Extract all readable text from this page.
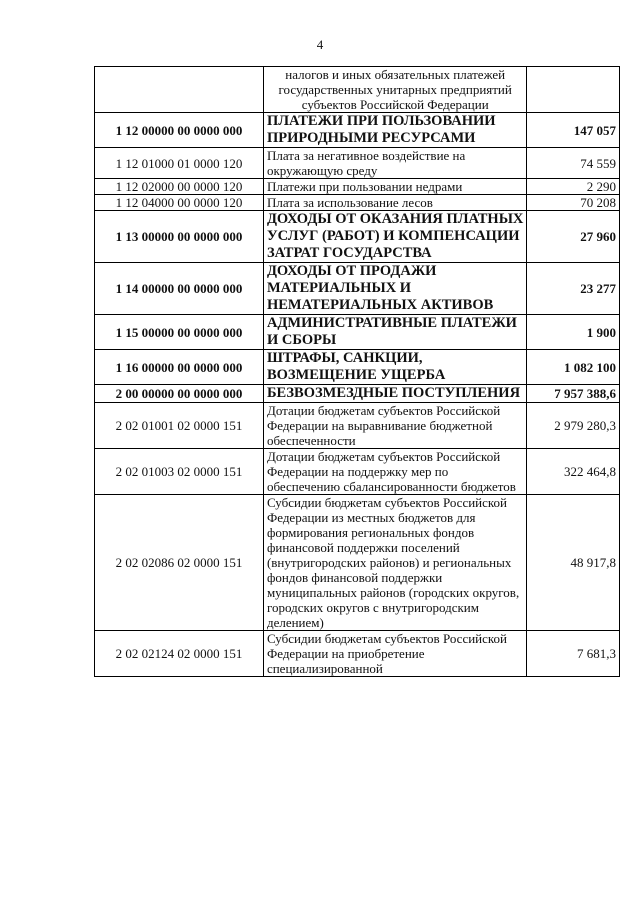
4
	налогов и иных обязательных платежей государственных унитарных предприятий субъектов Российской Федерации	
1 12 00000 00 0000 000	ПЛАТЕЖИ ПРИ ПОЛЬЗОВАНИИ ПРИРОДНЫМИ РЕСУРСАМИ	147 057
1 12 01000 01 0000 120	Плата за негативное воздействие на окружающую среду	74 559
1 12 02000 00 0000 120	Платежи при пользовании недрами	2 290
1 12 04000 00 0000 120	Плата за использование лесов	70 208
1 13 00000 00 0000 000	ДОХОДЫ ОТ ОКАЗАНИЯ ПЛАТНЫХ УСЛУГ (РАБОТ) И КОМПЕНСАЦИИ ЗАТРАТ ГОСУДАРСТВА	27 960
1 14 00000 00 0000 000	ДОХОДЫ ОТ ПРОДАЖИ МАТЕРИАЛЬНЫХ И НЕМАТЕРИАЛЬНЫХ АКТИВОВ	23 277
1 15 00000 00 0000 000	АДМИНИСТРАТИВНЫЕ ПЛАТЕЖИ И СБОРЫ	1 900
1 16 00000 00 0000 000	ШТРАФЫ, САНКЦИИ, ВОЗМЕЩЕНИЕ УЩЕРБА	1 082 100
2 00 00000 00 0000 000	БЕЗВОЗМЕЗДНЫЕ ПОСТУПЛЕНИЯ	7 957 388,6
2 02 01001 02 0000 151	Дотации бюджетам субъектов Российской Федерации на выравнивание бюджетной обеспеченности	2 979 280,3
2 02 01003 02 0000 151	Дотации бюджетам субъектов Российской Федерации на поддержку мер по обеспечению сбалансированности бюджетов	322 464,8
2 02 02086 02 0000 151	Субсидии бюджетам субъектов Российской Федерации из местных бюджетов для формирования региональных фондов финансовой поддержки поселений (внутригородских районов) и региональных фондов финансовой поддержки муниципальных районов (городских округов, городских округов с внутригородским делением)	48 917,8
2 02 02124 02 0000 151	Субсидии бюджетам субъектов Российской Федерации на приобретение специализированной	7 681,3
